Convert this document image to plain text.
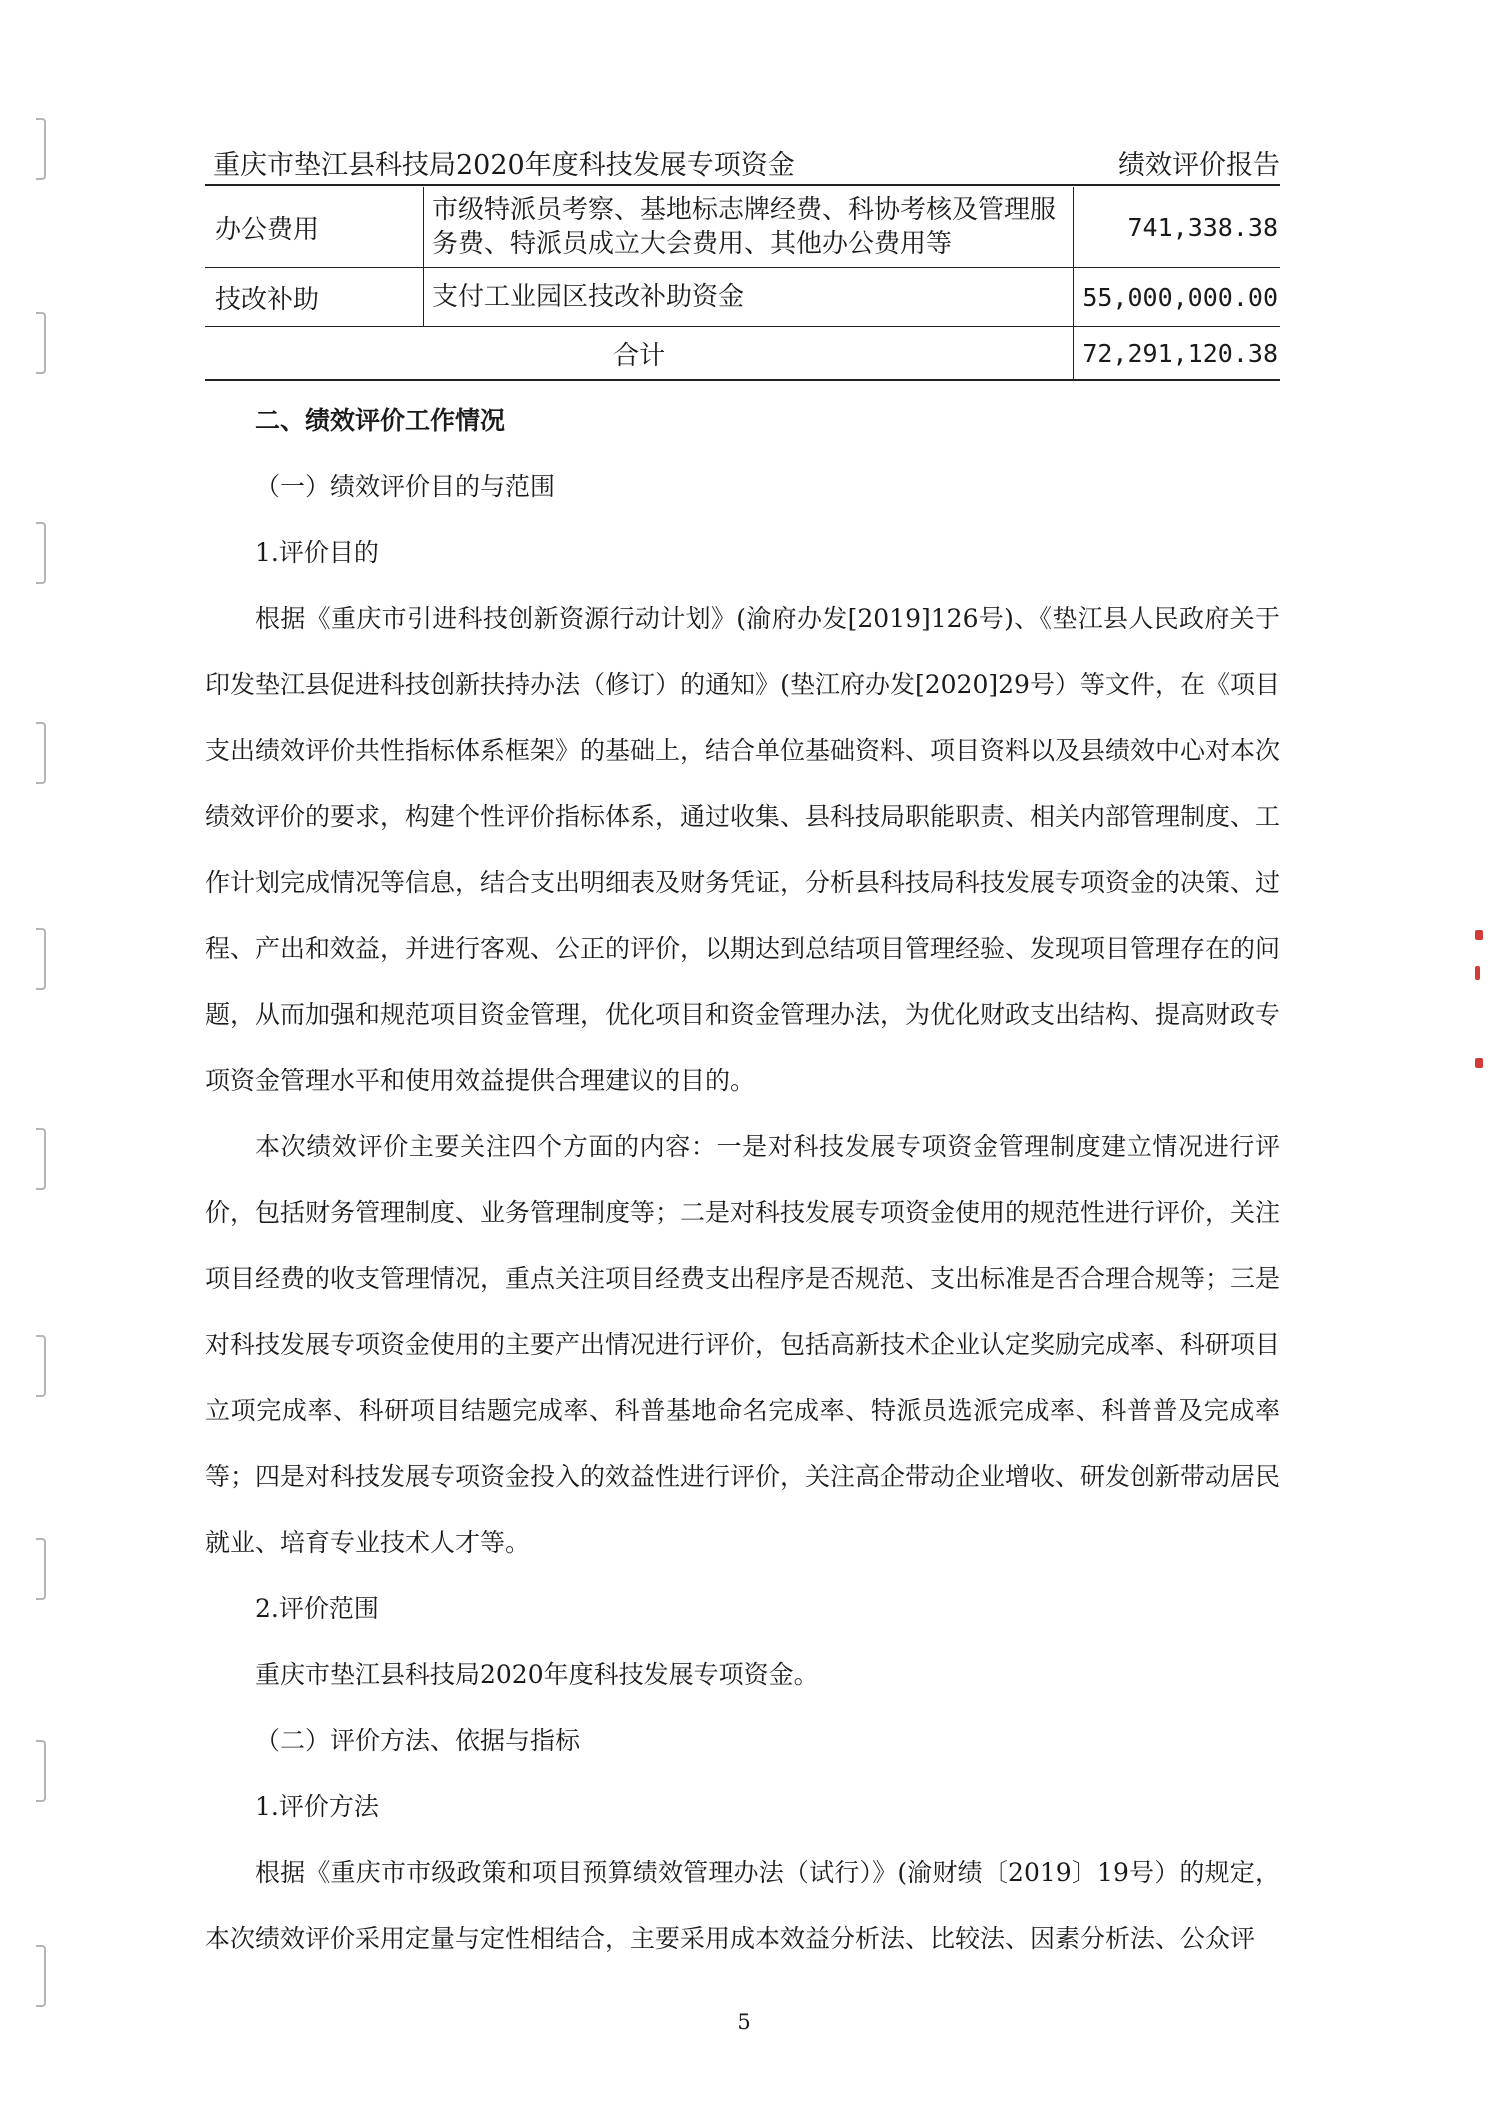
重庆市垫江县科技局2020年度科技发展专项资金	绩效评价报告
办公费用	市级特派员考察、基地标志牌经费、科协考核及管理服务费、特派员成立大会费用、其他办公费用等	741,338.38
技改补助	支付工业园区技改补助资金	55,000,000.00
合计		72,291,120.38

二、绩效评价工作情况

（一）绩效评价目的与范围

1.评价目的

根据《重庆市引进科技创新资源行动计划》(渝府办发[2019]126号)、《垫江县人民政府关于印发垫江县促进科技创新扶持办法（修订）的通知》(垫江府办发[2020]29号）等文件，在《项目支出绩效评价共性指标体系框架》的基础上，结合单位基础资料、项目资料以及县绩效中心对本次绩效评价的要求，构建个性评价指标体系，通过收集、县科技局职能职责、相关内部管理制度、工作计划完成情况等信息，结合支出明细表及财务凭证，分析县科技局科技发展专项资金的决策、过程、产出和效益，并进行客观、公正的评价，以期达到总结项目管理经验、发现项目管理存在的问题，从而加强和规范项目资金管理，优化项目和资金管理办法，为优化财政支出结构、提高财政专项资金管理水平和使用效益提供合理建议的目的。

本次绩效评价主要关注四个方面的内容：一是对科技发展专项资金管理制度建立情况进行评价，包括财务管理制度、业务管理制度等；二是对科技发展专项资金使用的规范性进行评价，关注项目经费的收支管理情况，重点关注项目经费支出程序是否规范、支出标准是否合理合规等；三是对科技发展专项资金使用的主要产出情况进行评价，包括高新技术企业认定奖励完成率、科研项目立项完成率、科研项目结题完成率、科普基地命名完成率、特派员选派完成率、科普普及完成率等；四是对科技发展专项资金投入的效益性进行评价，关注高企带动企业增收、研发创新带动居民就业、培育专业技术人才等。

2.评价范围

重庆市垫江县科技局2020年度科技发展专项资金。

（二）评价方法、依据与指标

1.评价方法

根据《重庆市市级政策和项目预算绩效管理办法（试行）》(渝财绩〔2019〕19号）的规定，本次绩效评价采用定量与定性相结合，主要采用成本效益分析法、比较法、因素分析法、公众评

5
